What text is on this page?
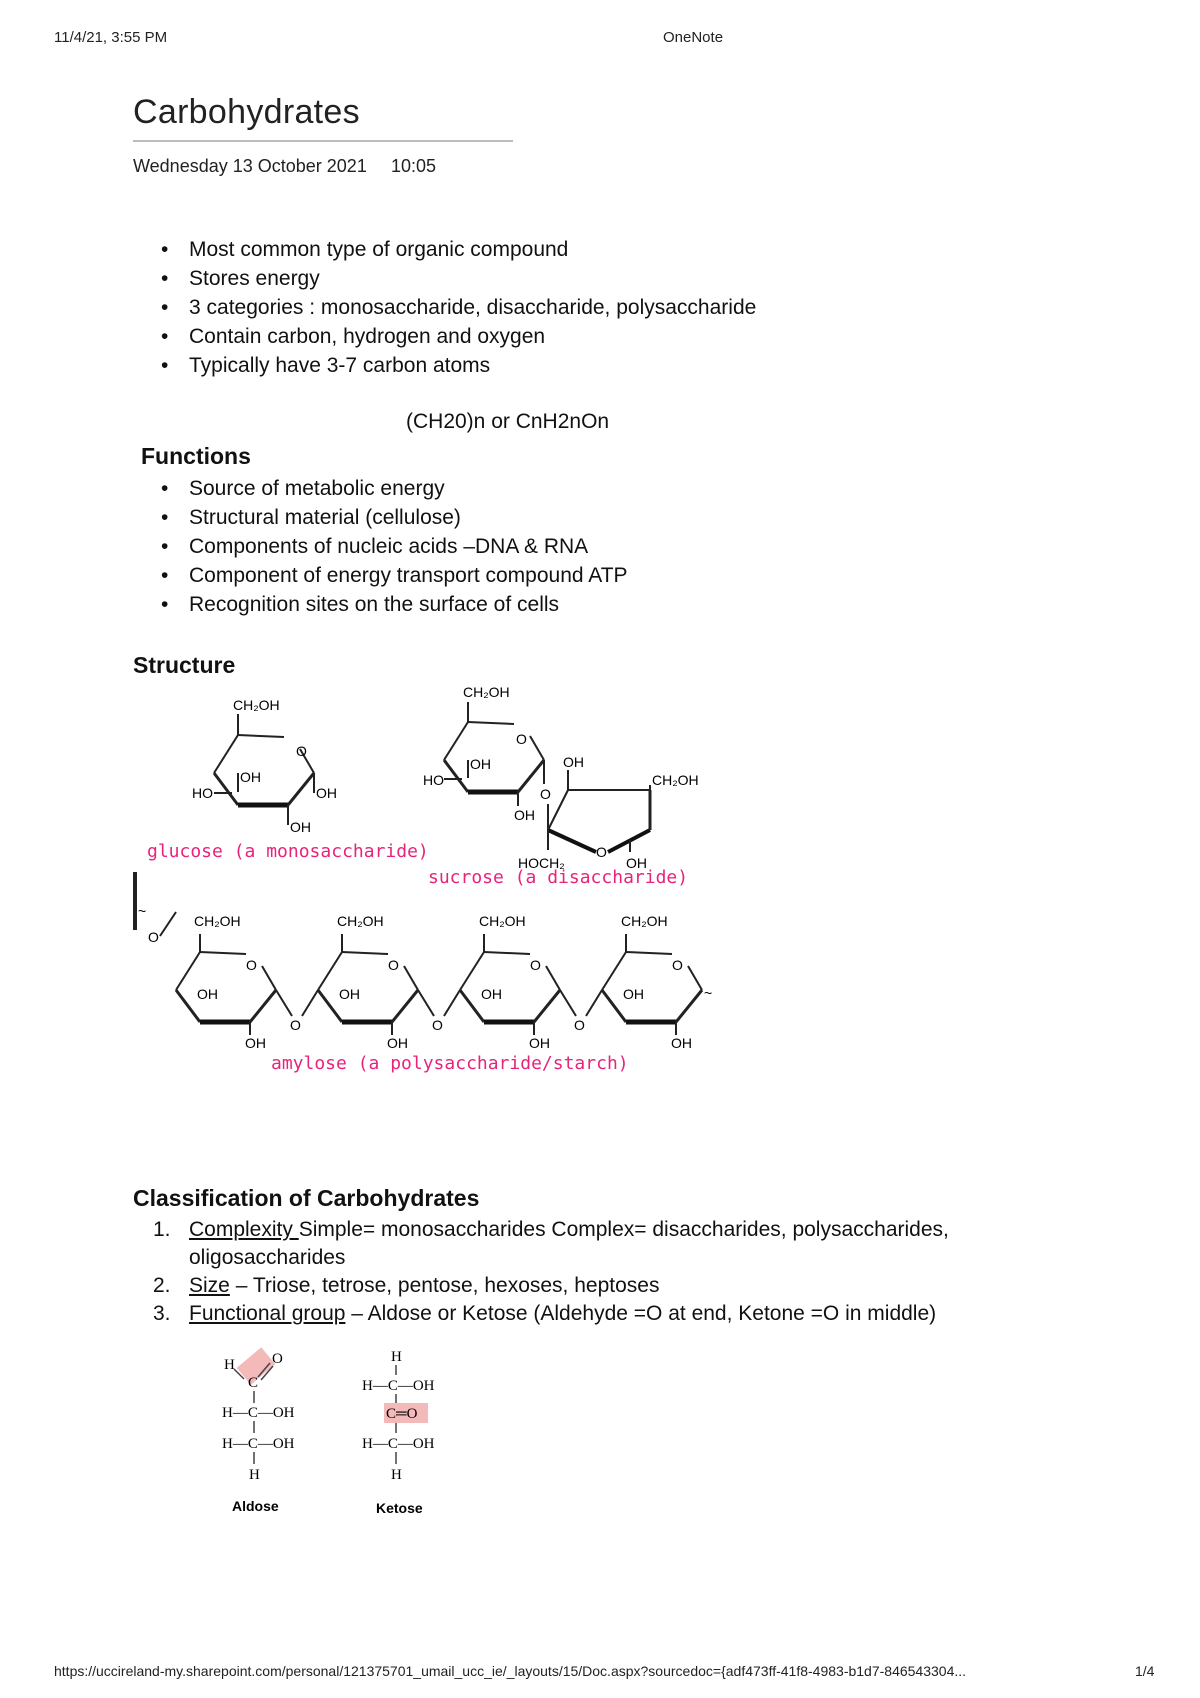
11/4/21, 3:55 PM	OneNote
Carbohydrates
Wednesday 13 October 2021 10:05
• Most common type of organic compound
• Stores energy
• 3 categories : monosaccharide, disaccharide, polysaccharide
• Contain carbon, hydrogen and oxygen
• Typically have 3-7 carbon atoms
(CH20)n or CnH2nOn
Functions
• Source of metabolic energy
• Structural material (cellulose)
• Components of nucleic acids –DNA & RNA
• Component of energy transport compound ATP
• Recognition sites on the surface of cells
Structure
CH₂OH
O
OH
HO	OH
OH
glucose (a monosaccharide)
CH₂OH
O
OH
HO
O
OH
O
OH
CH₂OH
HOCH₂	OH
sucrose (a disaccharide)
~
O
CH₂OH
O
OH
OH
O
CH₂OH
O
OH
OH
O
CH₂OH
O
OH
OH
O
CH₂OH
O
OH
OH
~
amylose (a polysaccharide/starch)
Classification of Carbohydrates
1. Complexity Simple= monosaccharides Complex= disaccharides, polysaccharides,
oligosaccharides
2. Size – Triose, tetrose, pentose, hexoses, heptoses
3. Functional group – Aldose or Ketose (Aldehyde =O at end, Ketone =O in middle)
H
C
O
H—C—OH
H—C—OH
H
Aldose
H
H—C—OH
C═O
H—C—OH
H
Ketose
https://uccireland-my.sharepoint.com/personal/121375701_umail_ucc_ie/_layouts/15/Doc.aspx?sourcedoc={adf473ff-41f8-4983-b1d7-846543304...	1/4
